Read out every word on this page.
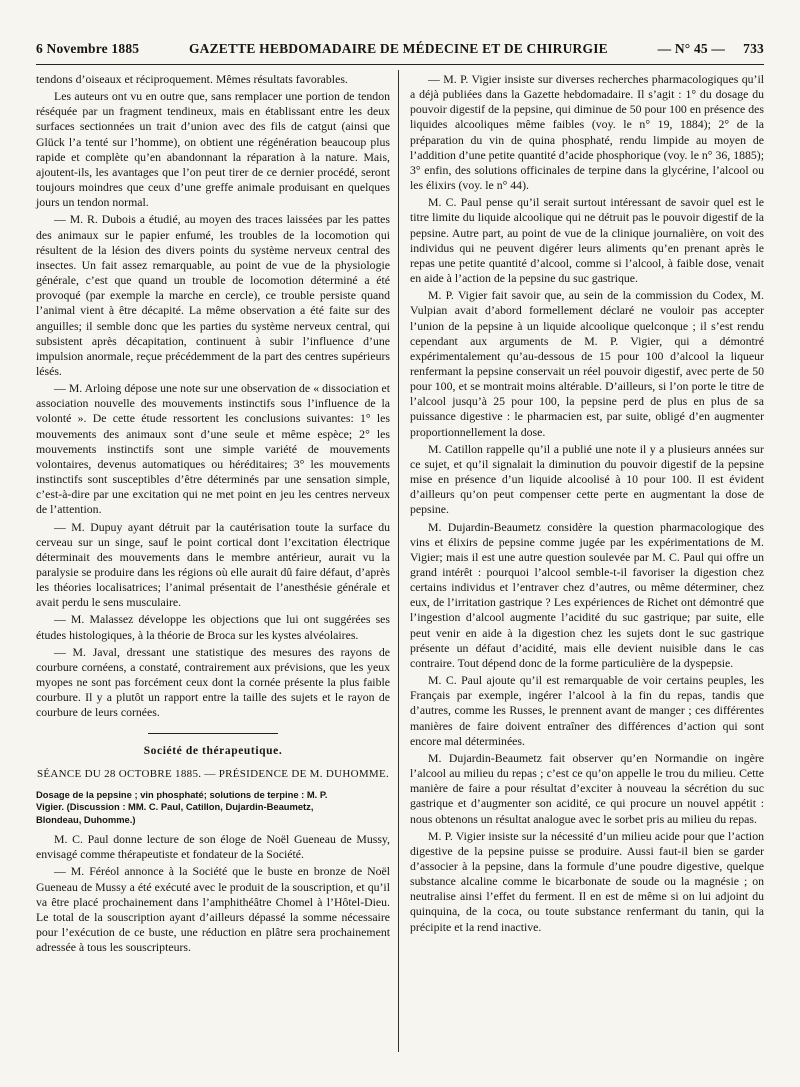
6 Novembre 1885	GAZETTE HEBDOMADAIRE DE MÉDECINE ET DE CHIRURGIE	— N° 45 — 733

tendons d’oiseaux et réciproquement. Mêmes résultats favorables.

Les auteurs ont vu en outre que, sans remplacer une portion de tendon réséquée par un fragment tendineux, mais en établissant entre les deux surfaces sectionnées un trait d’union avec des fils de catgut (ainsi que Glück l’a tenté sur l’homme), on obtient une régénération beaucoup plus rapide et complète qu’en abandonnant la réparation à la nature. Mais, ajoutent-ils, les avantages que l’on peut tirer de ce dernier procédé, seront toujours moindres que ceux d’une greffe animale produisant en quelques jours un tendon normal.

— M. R. Dubois a étudié, au moyen des traces laissées par les pattes des animaux sur le papier enfumé, les troubles de la locomotion qui résultent de la lésion des divers points du système nerveux central des insectes. Un fait assez remarquable, au point de vue de la physiologie générale, c’est que quand un trouble de locomotion déterminé a été provoqué (par exemple la marche en cercle), ce trouble persiste quand l’animal vient à être décapité. La même observation a été faite sur des anguilles; il semble donc que les parties du système nerveux central, qui subsistent après décapitation, continuent à subir l’influence d’une impulsion anormale, reçue précédemment de la part des centres supérieurs lésés.

— M. Arloing dépose une note sur une observation de « dissociation et association nouvelle des mouvements instinctifs sous l’influence de la volonté ». De cette étude ressortent les conclusions suivantes: 1° les mouvements des animaux sont d’une seule et même espèce; 2° les mouvements instinctifs sont une simple variété de mouvements volontaires, devenus automatiques ou héréditaires; 3° les mouvements instinctifs sont susceptibles d’être déterminés par une sensation simple, c’est-à-dire par une excitation qui ne met point en jeu les centres nerveux de l’attention.

— M. Dupuy ayant détruit par la cautérisation toute la surface du cerveau sur un singe, sauf le point cortical dont l’excitation électrique déterminait des mouvements dans le membre antérieur, aurait vu la paralysie se produire dans les régions où elle aurait dû faire défaut, d’après les théories localisatrices; l’animal présentait de l’anesthésie générale et avait perdu le sens musculaire.

— M. Malassez développe les objections que lui ont suggérées ses études histologiques, à la théorie de Broca sur les kystes alvéolaires.

— M. Javal, dressant une statistique des mesures des rayons de courbure cornéens, a constaté, contrairement aux prévisions, que les yeux myopes ne sont pas forcément ceux dont la cornée présente la plus faible courbure. Il y a plutôt un rapport entre la taille des sujets et le rayon de courbure de leurs cornées.

Société de thérapeutique.
SÉANCE DU 28 OCTOBRE 1885. — PRÉSIDENCE DE M. DUHOMME.
Dosage de la pepsine ; vin phosphaté; solutions de terpine : M. P.
Vigier. (Discussion : MM. C. Paul, Catillon, Dujardin-Beaumetz,
Blondeau, Duhomme.)

M. C. Paul donne lecture de son éloge de Noël Gueneau de Mussy, envisagé comme thérapeutiste et fondateur de la Société.

— M. Féréol annonce à la Société que le buste en bronze de Noël Gueneau de Mussy a été exécuté avec le produit de la souscription, et qu’il va être placé prochainement dans l’amphithéâtre Chomel à l’Hôtel-Dieu. Le total de la souscription ayant d’ailleurs dépassé la somme nécessaire pour l’exécution de ce buste, une réduction en plâtre sera prochainement adressée à tous les souscripteurs.

— M. P. Vigier insiste sur diverses recherches pharmacologiques qu’il a déjà publiées dans la Gazette hebdomadaire. Il s’agit : 1° du dosage du pouvoir digestif de la pepsine, qui diminue de 50 pour 100 en présence des liquides alcooliques même faibles (voy. le n° 19, 1884); 2° de la préparation du vin de quina phosphaté, rendu limpide au moyen de l’addition d’une petite quantité d’acide phosphorique (voy. le n° 36, 1885); 3° enfin, des solutions officinales de terpine dans la glycérine, l’alcool ou les élixirs (voy. le n° 44).

M. C. Paul pense qu’il serait surtout intéressant de savoir quel est le titre limite du liquide alcoolique qui ne détruit pas le pouvoir digestif de la pepsine. Autre part, au point de vue de la clinique journalière, on voit des individus qui ne peuvent digérer leurs aliments qu’en prenant après le repas une petite quantité d’alcool, comme si l’alcool, à faible dose, venait en aide à l’action de la pepsine du suc gastrique.

M. P. Vigier fait savoir que, au sein de la commission du Codex, M. Vulpian avait d’abord formellement déclaré ne vouloir pas accepter l’union de la pepsine à un liquide alcoolique quelconque ; il s’est rendu cependant aux arguments de M. P. Vigier, qui a démontré expérimentalement qu’au-dessous de 15 pour 100 d’alcool la liqueur renfermant la pepsine conservait un réel pouvoir digestif, avec perte de 50 pour 100, et se montrait moins altérable. D’ailleurs, si l’on porte le titre de l’alcool jusqu’à 25 pour 100, la pepsine perd de plus en plus de sa puissance digestive : le pharmacien est, par suite, obligé d’en augmenter proportionnellement la dose.

M. Catillon rappelle qu’il a publié une note il y a plusieurs années sur ce sujet, et qu’il signalait la diminution du pouvoir digestif de la pepsine mise en présence d’un liquide alcoolisé à 10 pour 100. Il est évident d’ailleurs qu’on peut compenser cette perte en augmentant la dose de pepsine.

M. Dujardin-Beaumetz considère la question pharmacologique des vins et élixirs de pepsine comme jugée par les expérimentations de M. Vigier; mais il est une autre question soulevée par M. C. Paul qui offre un grand intérêt : pourquoi l’alcool semble-t-il favoriser la digestion chez certains individus et l’entraver chez d’autres, ou même déterminer, chez eux, de l’irritation gastrique ? Les expériences de Richet ont démontré que l’ingestion d’alcool augmente l’acidité du suc gastrique; par suite, elle peut venir en aide à la digestion chez les sujets dont le suc gastrique présente un défaut d’acidité, mais elle devient nuisible dans le cas contraire. Tout dépend donc de la forme particulière de la dyspepsie.

M. C. Paul ajoute qu’il est remarquable de voir certains peuples, les Français par exemple, ingérer l’alcool à la fin du repas, tandis que d’autres, comme les Russes, le prennent avant de manger ; ces différentes manières de faire doivent entraîner des différences d’action qui sont encore mal déterminées.

M. Dujardin-Beaumetz fait observer qu’en Normandie on ingère l’alcool au milieu du repas ; c’est ce qu’on appelle le trou du milieu. Cette manière de faire a pour résultat d’exciter à nouveau la sécrétion du suc gastrique et d’augmenter son acidité, ce qui procure un nouvel appétit : nous obtenons un résultat analogue avec le sorbet pris au milieu du repas.

M. P. Vigier insiste sur la nécessité d’un milieu acide pour que l’action digestive de la pepsine puisse se produire. Aussi faut-il bien se garder d’associer à la pepsine, dans la formule d’une poudre digestive, quelque substance alcaline comme le bicarbonate de soude ou la magnésie ; on neutralise ainsi l’effet du ferment. Il en est de même si on lui adjoint du quinquina, de la coca, ou toute substance renfermant du tanin, qui la précipite et la rend inactive.
